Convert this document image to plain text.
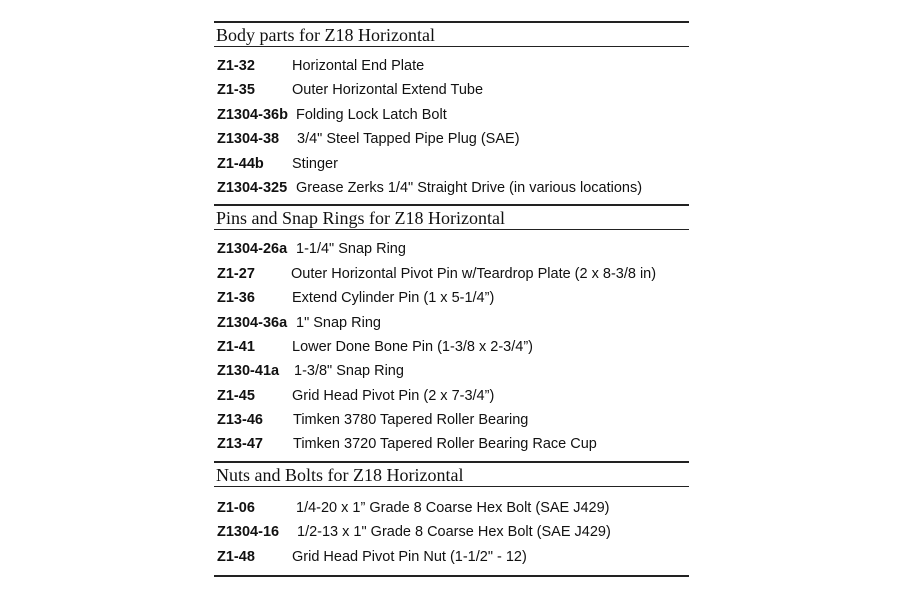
Body parts for Z18 Horizontal
Z1-32	Horizontal End Plate
Z1-35	Outer Horizontal Extend Tube
Z1304-36b Folding Lock Latch Bolt
Z1304-38 3/4" Steel Tapped Pipe Plug (SAE)
Z1-44b Stinger
Z1304-325 Grease Zerks 1/4" Straight Drive (in various locations)
Pins and Snap Rings for Z18 Horizontal
Z1304-26a 1-1/4" Snap Ring
Z1-27 Outer Horizontal Pivot Pin w/Teardrop Plate (2 x 8-3/8 in)
Z1-36	Extend Cylinder Pin (1 x 5-1/4”)
Z1304-36a 1" Snap Ring
Z1-41	Lower Done Bone Pin (1-3/8 x 2-3/4”)
Z130-41a 1-3/8" Snap Ring
Z1-45	Grid Head Pivot Pin (2 x 7-3/4”)
Z13-46 Timken 3780 Tapered Roller Bearing
Z13-47 Timken 3720 Tapered Roller Bearing Race Cup
Nuts and Bolts for Z18 Horizontal
Z1-06	1/4-20 x 1” Grade 8 Coarse Hex Bolt (SAE J429)
Z1304-16 1/2-13 x 1" Grade 8 Coarse Hex Bolt (SAE J429)
Z1-48	Grid Head Pivot Pin Nut (1-1/2" - 12)
